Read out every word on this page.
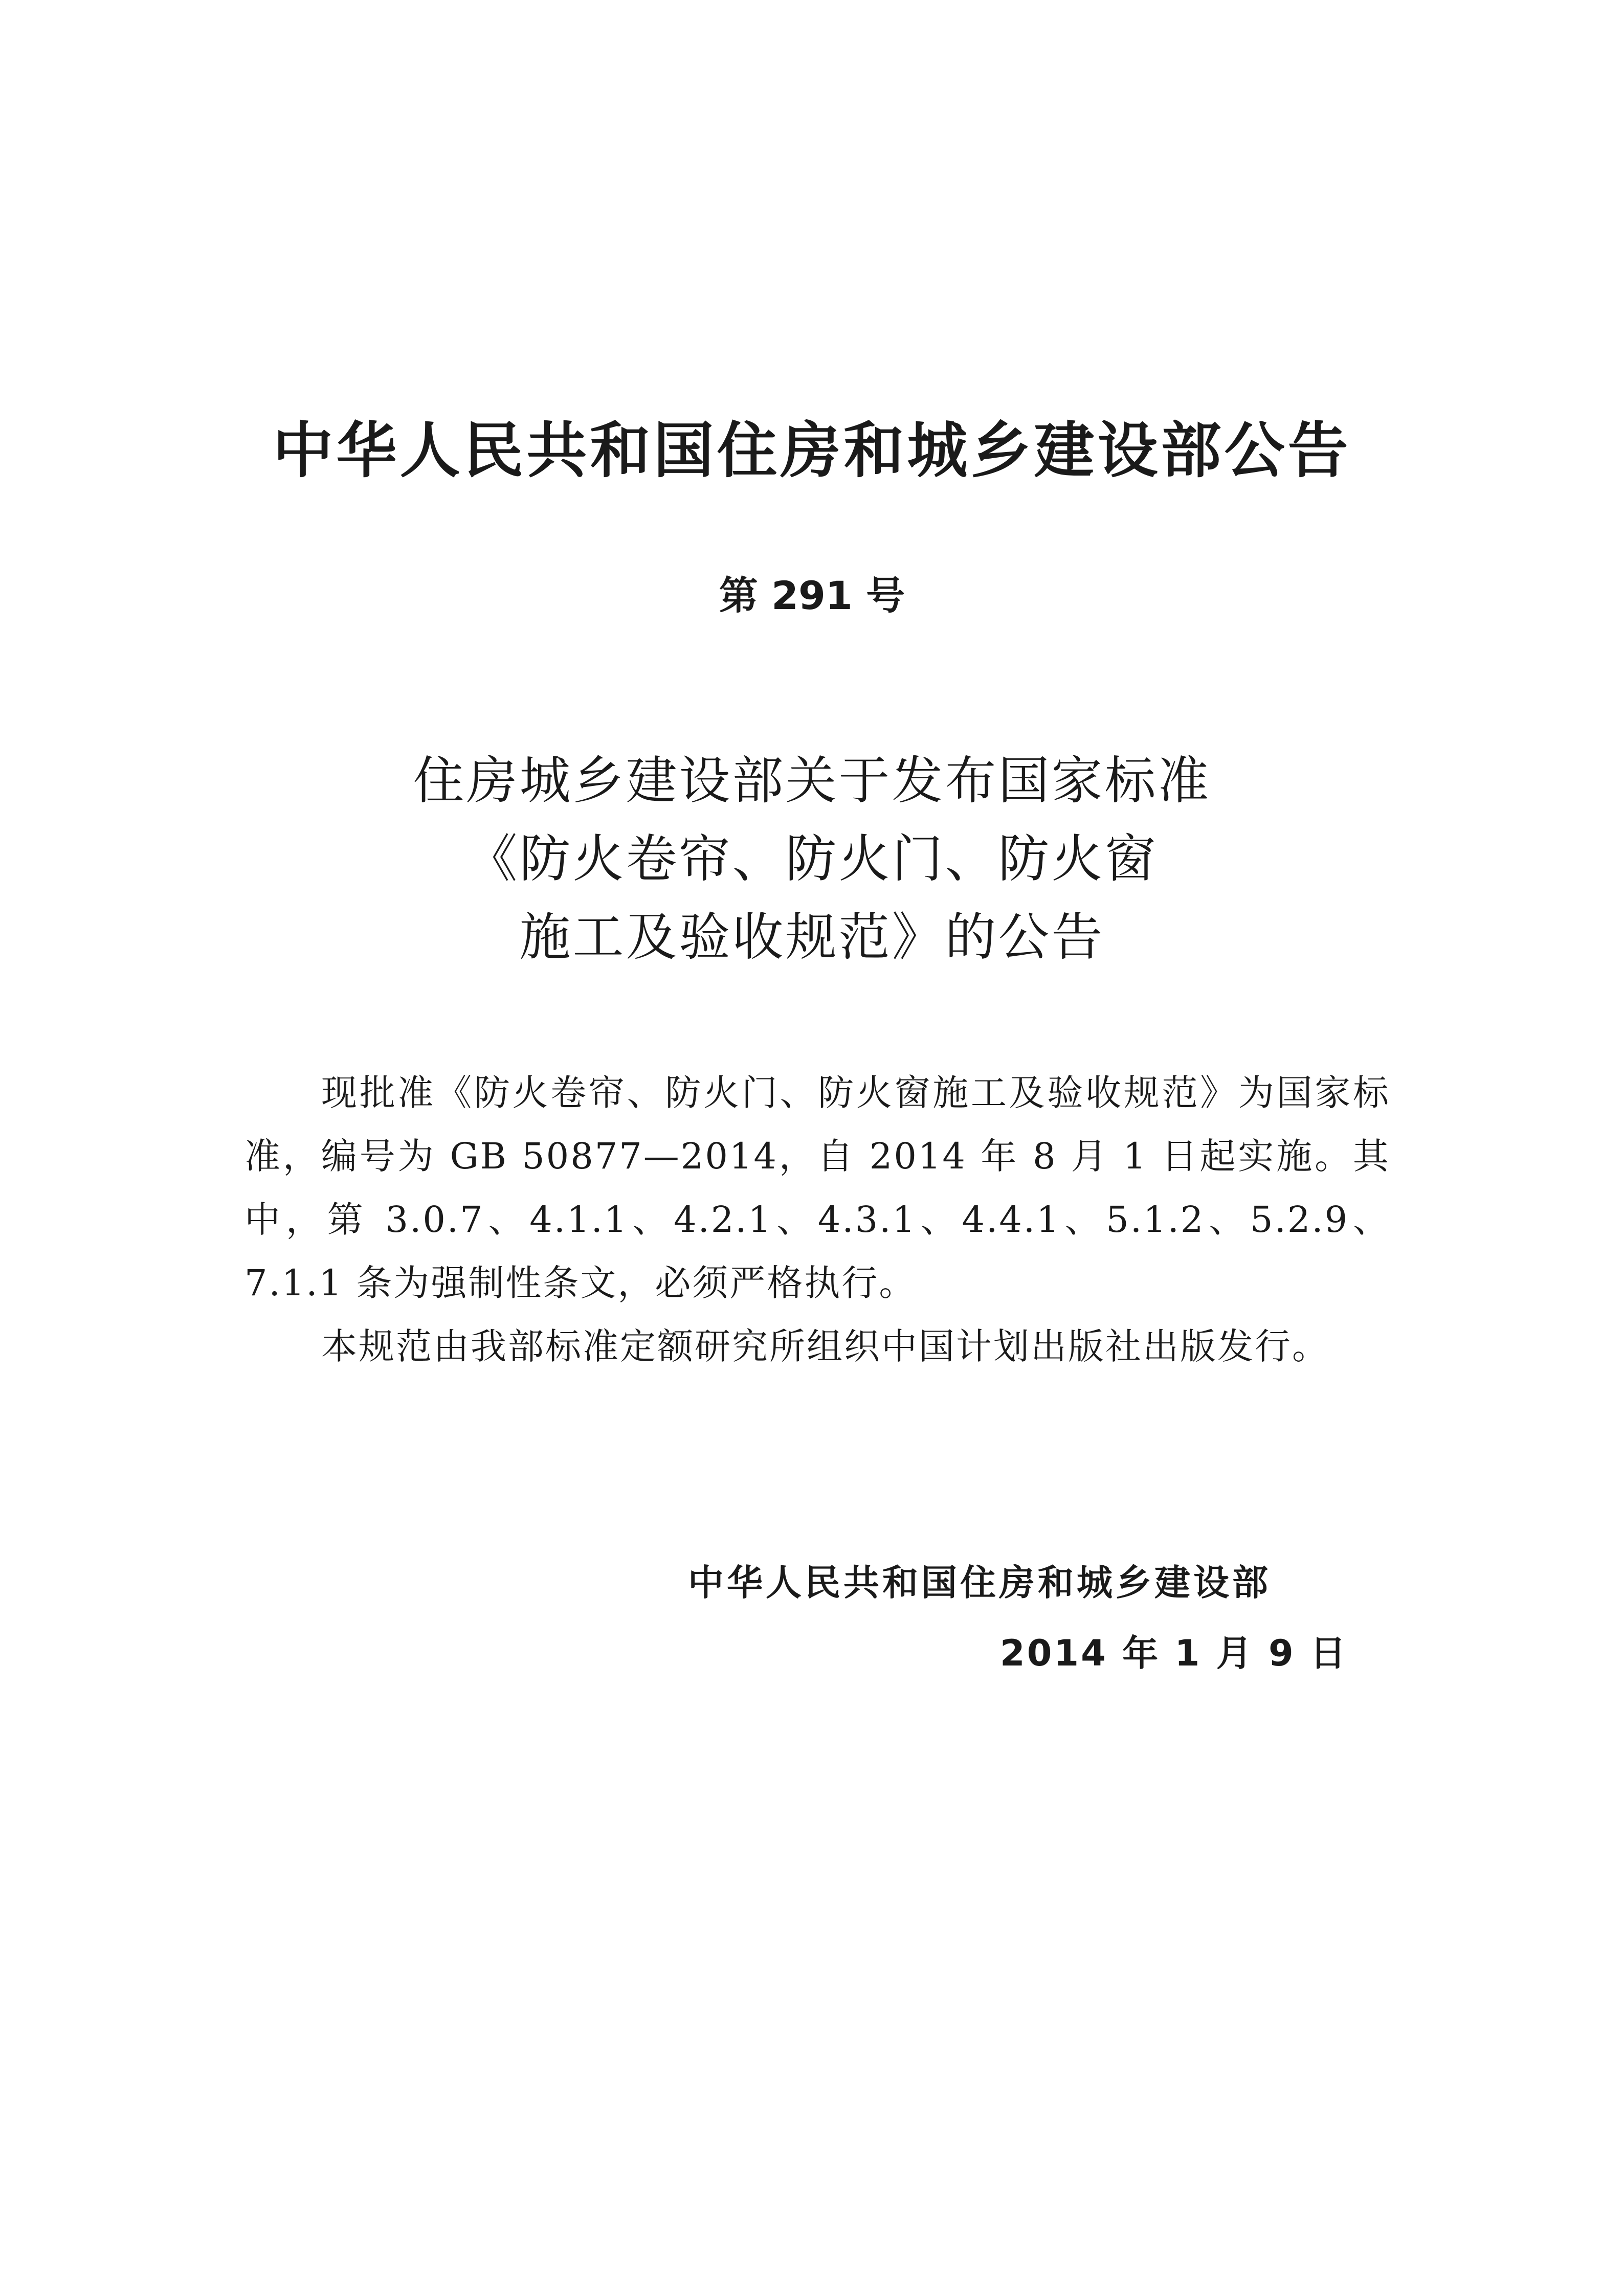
中华人民共和国住房和城乡建设部公告
第 291 号
住房城乡建设部关于发布国家标准
《防火卷帘、防火门、防火窗
施工及验收规范》的公告

现批准《防火卷帘、防火门、防火窗施工及验收规范》为国家标准，编号为 GB 50877—2014，自 2014 年 8 月 1 日起实施。其中，第 3.0.7、4.1.1、4.2.1、4.3.1、4.4.1、5.1.2、5.2.9、7.1.1 条为强制性条文，必须严格执行。

本规范由我部标准定额研究所组织中国计划出版社出版发行。

中华人民共和国住房和城乡建设部
2014 年 1 月 9 日
